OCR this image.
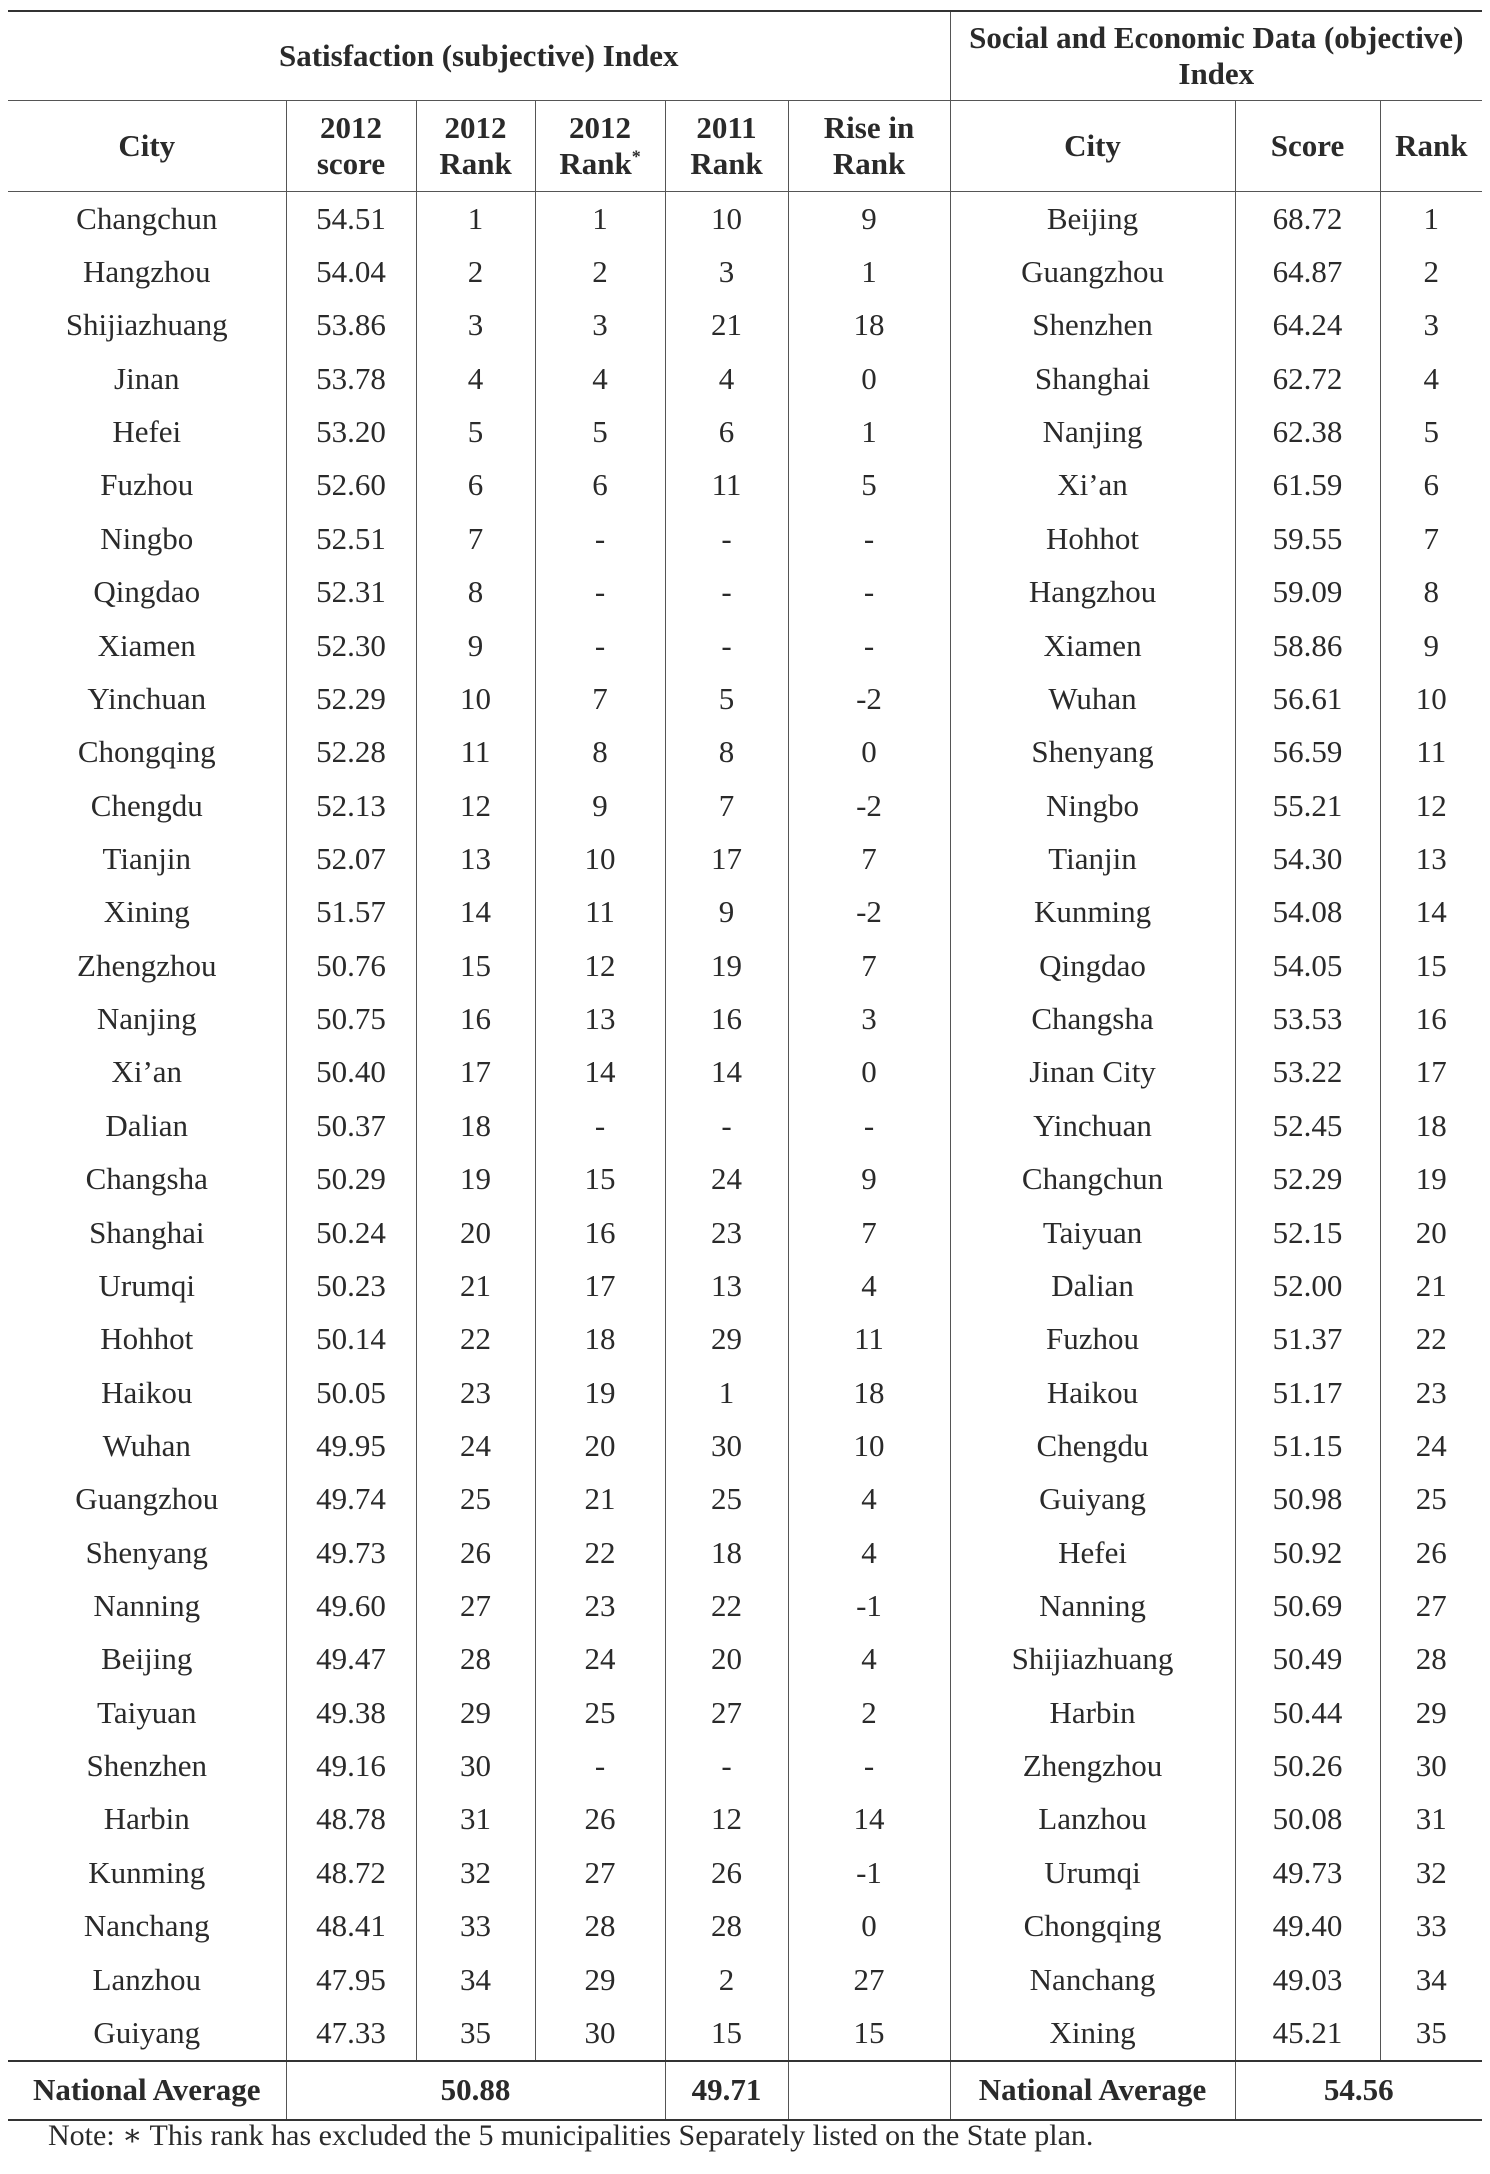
Satisfaction (subjective) Index						Social and Economic Data (objective) Index		
City	2012 score	2012 Rank	2012 Rank*	2011 Rank	Rise in Rank	City	Score	Rank
Changchun	54.51	1	1	10	9	Beijing	68.72	1
Hangzhou	54.04	2	2	3	1	Guangzhou	64.87	2
Shijiazhuang	53.86	3	3	21	18	Shenzhen	64.24	3
Jinan	53.78	4	4	4	0	Shanghai	62.72	4
Hefei	53.20	5	5	6	1	Nanjing	62.38	5
Fuzhou	52.60	6	6	11	5	Xi’an	61.59	6
Ningbo	52.51	7	-	-	-	Hohhot	59.55	7
Qingdao	52.31	8	-	-	-	Hangzhou	59.09	8
Xiamen	52.30	9	-	-	-	Xiamen	58.86	9
Yinchuan	52.29	10	7	5	-2	Wuhan	56.61	10
Chongqing	52.28	11	8	8	0	Shenyang	56.59	11
Chengdu	52.13	12	9	7	-2	Ningbo	55.21	12
Tianjin	52.07	13	10	17	7	Tianjin	54.30	13
Xining	51.57	14	11	9	-2	Kunming	54.08	14
Zhengzhou	50.76	15	12	19	7	Qingdao	54.05	15
Nanjing	50.75	16	13	16	3	Changsha	53.53	16
Xi’an	50.40	17	14	14	0	Jinan City	53.22	17
Dalian	50.37	18	-	-	-	Yinchuan	52.45	18
Changsha	50.29	19	15	24	9	Changchun	52.29	19
Shanghai	50.24	20	16	23	7	Taiyuan	52.15	20
Urumqi	50.23	21	17	13	4	Dalian	52.00	21
Hohhot	50.14	22	18	29	11	Fuzhou	51.37	22
Haikou	50.05	23	19	1	18	Haikou	51.17	23
Wuhan	49.95	24	20	30	10	Chengdu	51.15	24
Guangzhou	49.74	25	21	25	4	Guiyang	50.98	25
Shenyang	49.73	26	22	18	4	Hefei	50.92	26
Nanning	49.60	27	23	22	-1	Nanning	50.69	27
Beijing	49.47	28	24	20	4	Shijiazhuang	50.49	28
Taiyuan	49.38	29	25	27	2	Harbin	50.44	29
Shenzhen	49.16	30	-	-	-	Zhengzhou	50.26	30
Harbin	48.78	31	26	12	14	Lanzhou	50.08	31
Kunming	48.72	32	27	26	-1	Urumqi	49.73	32
Nanchang	48.41	33	28	28	0	Chongqing	49.40	33
Lanzhou	47.95	34	29	2	27	Nanchang	49.03	34
Guiyang	47.33	35	30	15	15	Xining	45.21	35
National Average	50.88			49.71		National Average	54.56	
Note: ∗ This rank has excluded the 5 municipalities Separately listed on the State plan.
